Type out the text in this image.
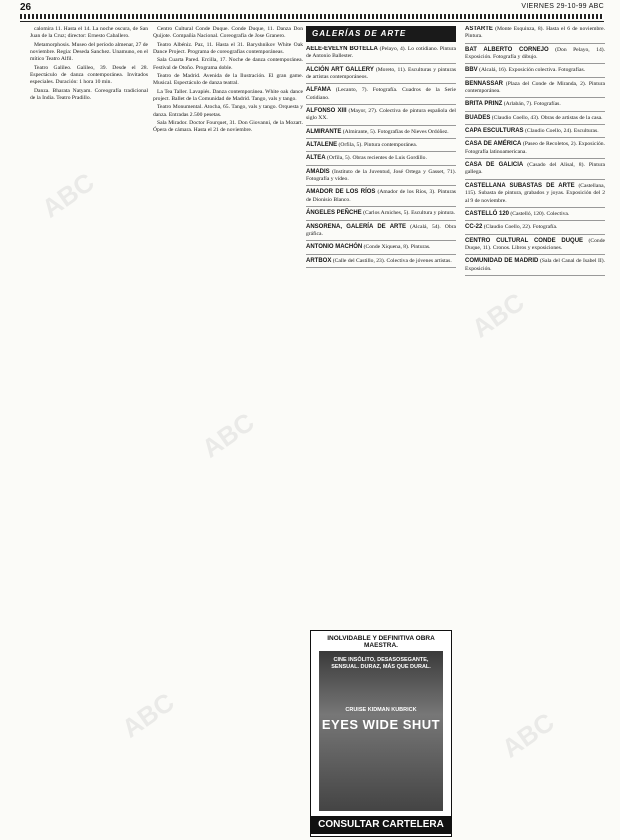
26	VIERNES 29-10-99 ABC

calomira 11. Hasta el 14. La noche oscura, de San Juan de la Cruz; director: Ernesto Caballero.

Metamorphosis. Museo del período almenar, 27 de noviembre. Regia: Deseda Sanchez. Unamuno, en el mítico Teatro Alfil.

Teatro Galileo. Galileo, 39. Desde el 28. Espectáculo de danza contemporánea. Invitados especiales. Duración: 1 hora 10 min.

Danza. Bharata Natyam. Coreografía tradicional de la India. Teatro Pradillo.

Centro Cultural Conde Duque. Conde Duque, 11. Danza Don Quijote. Compañía Nacional. Coreografía de Jose Granero.

Teatro Albéniz. Paz, 11. Hasta el 31. Baryshnikov White Oak Dance Project. Programa de coreografías contemporáneas.

Sala Cuarta Pared. Ercilla, 17. Noche de danza contemporánea. Festival de Otoño. Programa doble.

Teatro de Madrid. Avenida de la Ilustración. El gran game. Musical. Espectáculo de danza teatral.

La Tea Taller. Lavapiés. Danza contemporánea. White oak dance project. Ballet de la Comunidad de Madrid. Tango, vals y tango.

Teatro Monumental. Atocha, 65. Tango, vals y tango. Orquesta y danza. Entradas 2.500 pesetas.

Sala Mirador. Doctor Fourquet, 31. Don Giovanni, de la Mozart. Ópera de cámara. Hasta el 21 de noviembre.

GALERÍAS DE ARTE
AELE-EVELYN BOTELLA (Pelayo, 4). Lo cotidiano. Pintura de Antonio Ballester.
ALCIÓN ART GALLERY (Moreto, 11). Esculturas y pinturas de artistas contemporáneos.
ALFAMA (Lecanto, 7). Fotografía. Cuadros de la Serie Cotidiano.
ALFONSO XIII (Mayor, 27). Colectiva de pintura española del siglo XX.
ALMIRANTE (Almirante, 5). Fotografías de Nieves Ordóñez.
ALTALENE (Orfila, 5). Pintura contemporánea.
ALTEA (Orfila, 5). Obras recientes de Luis Gordillo.
AMADIS (Instituto de la Juventud, José Ortega y Gasset, 71). Fotografía y vídeo.
AMADOR DE LOS RÍOS (Amador de los Ríos, 3). Pinturas de Dionisio Blanco.
ÁNGELES PEÑCHE (Carlos Arniches, 5). Escultura y pintura.
ANSORENA, GALERÍA DE ARTE (Alcalá, 54). Obra gráfica.
ANTONIO MACHÓN (Conde Xiquena, 8). Pinturas.
ARTBOX (Calle del Castillo, 23). Colectiva de jóvenes artistas.
INOLVIDABLE Y DEFINITIVA OBRA MAESTRA.
CINE INSÓLITO, DESASOSEGANTE, SENSUAL. DURAZ, MÁS QUE DURAL.
CRUISE KIDMAN KUBRICK
EYES WIDE SHUT
CONSULTAR CARTELERA
ASTARTE (Monte Esquinza, 8). Hasta el 6 de noviembre. Pintura.
BAT ALBERTO CORNEJO (Don Pelayo, 14). Exposición. Fotografía y dibujo.
BBV (Alcalá, 16). Exposición colectiva. Fotografías.
BENNASSAR (Plaza del Conde de Miranda, 2). Pintura contemporánea.
BRITA PRINZ (Arlabán, 7). Fotografías.
BUADES (Claudio Coello, 43). Obras de artistas de la casa.
CAPA ESCULTURAS (Claudio Coello, 24). Esculturas.
CASA DE AMÉRICA (Paseo de Recoletos, 2). Exposición. Fotografía latinoamericana.
CASA DE GALICIA (Casado del Alisal, 8). Pintura gallega.
CASTELLANA SUBASTAS DE ARTE (Castellana, 115). Subasta de pintura, grabados y joyas. Exposición del 2 al 9 de noviembre.
CASTELLÓ 120 (Castelló, 120). Colectiva.
CC-22 (Claudio Coello, 22). Fotografía.
CENTRO CULTURAL CONDE DUQUE (Conde Duque, 11). Cronos. Libros y exposiciones.
COMUNIDAD DE MADRID (Sala del Canal de Isabel II). Exposición.
ABC
ABC
ABC
ABC	ABC
